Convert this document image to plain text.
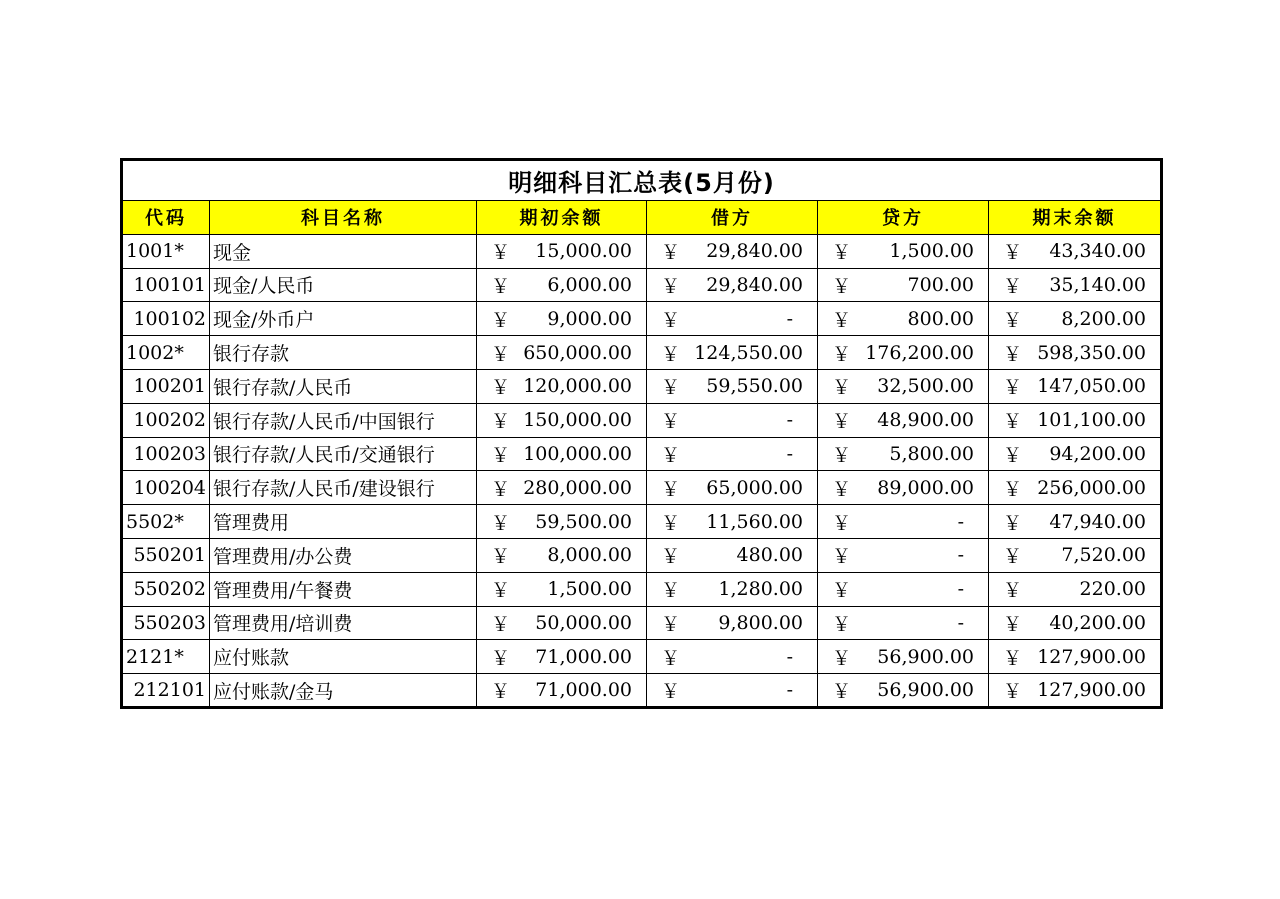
明细科目汇总表(5月份)					
代码	科目名称	期初余额	借方	贷方	期末余额
1001*	现金	￥ 15,000.00	￥ 29,840.00	￥ 1,500.00	￥ 43,340.00

100101	现金/人民币	￥ 6,000.00	￥ 29,840.00	￥ 700.00	￥ 35,140.00

100102	现金/外币户	￥ 9,000.00	￥ -	￥ 800.00	￥ 8,200.00

1002*	银行存款	￥ 650,000.00	￥ 124,550.00	￥ 176,200.00	￥ 598,350.00

100201	银行存款/人民币	￥ 120,000.00	￥ 59,550.00	￥ 32,500.00	￥ 147,050.00

100202	银行存款/人民币/中国银行	￥ 150,000.00	￥ -	￥ 48,900.00	￥ 101,100.00

100203	银行存款/人民币/交通银行	￥ 100,000.00	￥ -	￥ 5,800.00	￥ 94,200.00

100204	银行存款/人民币/建设银行	￥ 280,000.00	￥ 65,000.00	￥ 89,000.00	￥ 256,000.00

5502*	管理费用	￥ 59,500.00	￥ 11,560.00	￥ -	￥ 47,940.00

550201	管理费用/办公费	￥ 8,000.00	￥ 480.00	￥ -	￥ 7,520.00

550202	管理费用/午餐费	￥ 1,500.00	￥ 1,280.00	￥ -	￥ 220.00

550203	管理费用/培训费	￥ 50,000.00	￥ 9,800.00	￥ -	￥ 40,200.00

2121*	应付账款	￥ 71,000.00	￥ -	￥ 56,900.00	￥ 127,900.00

212101	应付账款/金马	￥ 71,000.00	￥ -	￥ 56,900.00	￥ 127,900.00
